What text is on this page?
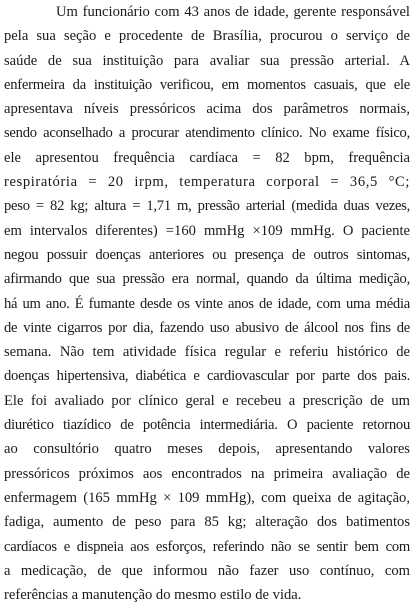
Um funcionário com 43 anos de idade, gerente responsável
pela sua seção e procedente de Brasília, procurou o serviço de
saúde de sua instituição para avaliar sua pressão arterial. A
enfermeira da instituição verificou, em momentos casuais, que ele
apresentava níveis pressóricos acima dos parâmetros normais,
sendo aconselhado a procurar atendimento clínico. No exame físico,
ele apresentou frequência cardíaca = 82 bpm, frequência
respiratória = 20 irpm, temperatura corporal = 36,5 °C;
peso = 82 kg; altura = 1,71 m, pressão arterial (medida duas vezes,
em intervalos diferentes) =160 mmHg ×109 mmHg. O paciente
negou possuir doenças anteriores ou presença de outros sintomas,
afirmando que sua pressão era normal, quando da última medição,
há um ano. É fumante desde os vinte anos de idade, com uma média
de vinte cigarros por dia, fazendo uso abusivo de álcool nos fins de
semana. Não tem atividade física regular e referiu histórico de
doenças hipertensiva, diabética e cardiovascular por parte dos pais.
Ele foi avaliado por clínico geral e recebeu a prescrição de um
diurético tiazídico de potência intermediária. O paciente retornou
ao consultório quatro meses depois, apresentando valores
pressóricos próximos aos encontrados na primeira avaliação de
enfermagem (165 mmHg × 109 mmHg), com queixa de agitação,
fadiga, aumento de peso para 85 kg; alteração dos batimentos
cardíacos e dispneia aos esforços, referindo não se sentir bem com
a medicação, de que informou não fazer uso contínuo, com
referências a manutenção do mesmo estilo de vida.
